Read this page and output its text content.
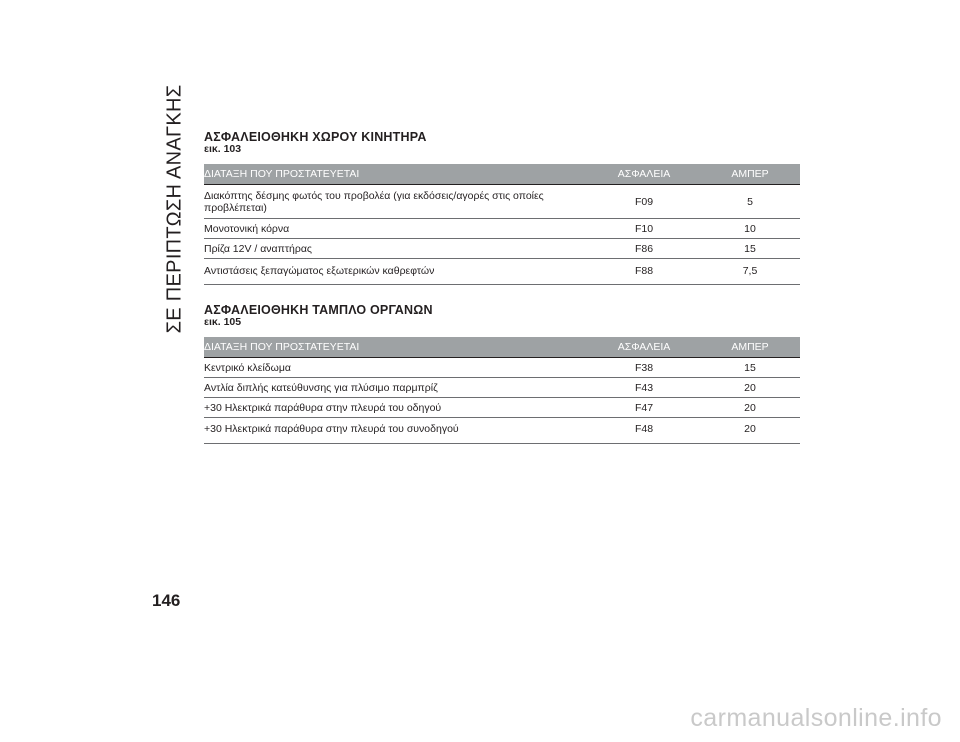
ΣΕ ΠΕΡΙΠΤΩΣΗ ΑΝΑΓΚΗΣ ΑΣΦΑΛΕΙΟΘΗΚΗ ΧΩΡΟΥ ΚΙΝΗΤΗΡΑ
εικ. 103
ΔΙΑΤΑΞΗ ΠΟΥ ΠΡΟΣΤΑΤΕΥΕΤΑΙ	ΑΣΦΑΛΕΙΑ	ΑΜΠΕΡ
Διακόπτης δέσμης φωτός του προβολέα (για εκδόσεις/αγορές στις οποίες προβλέπεται)	F09	5
Μονοτονική κόρνα	F10	10
Πρίζα 12V / αναπτήρας	F86	15
Αντιστάσεις ξεπαγώματος εξωτερικών καθρεφτών	F88	7,5
ΑΣΦΑΛΕΙΟΘΗΚΗ ΤΑΜΠΛΟ ΟΡΓΑΝΩΝ
εικ. 105
ΔΙΑΤΑΞΗ ΠΟΥ ΠΡΟΣΤΑΤΕΥΕΤΑΙ	ΑΣΦΑΛΕΙΑ	ΑΜΠΕΡ
Κεντρικό κλείδωμα	F38	15
Αντλία διπλής κατεύθυνσης για πλύσιμο παρμπρίζ	F43	20
+30 Ηλεκτρικά παράθυρα στην πλευρά του οδηγού	F47	20
+30 Ηλεκτρικά παράθυρα στην πλευρά του συνοδηγού	F48	20
146
carmanualsonline.info
